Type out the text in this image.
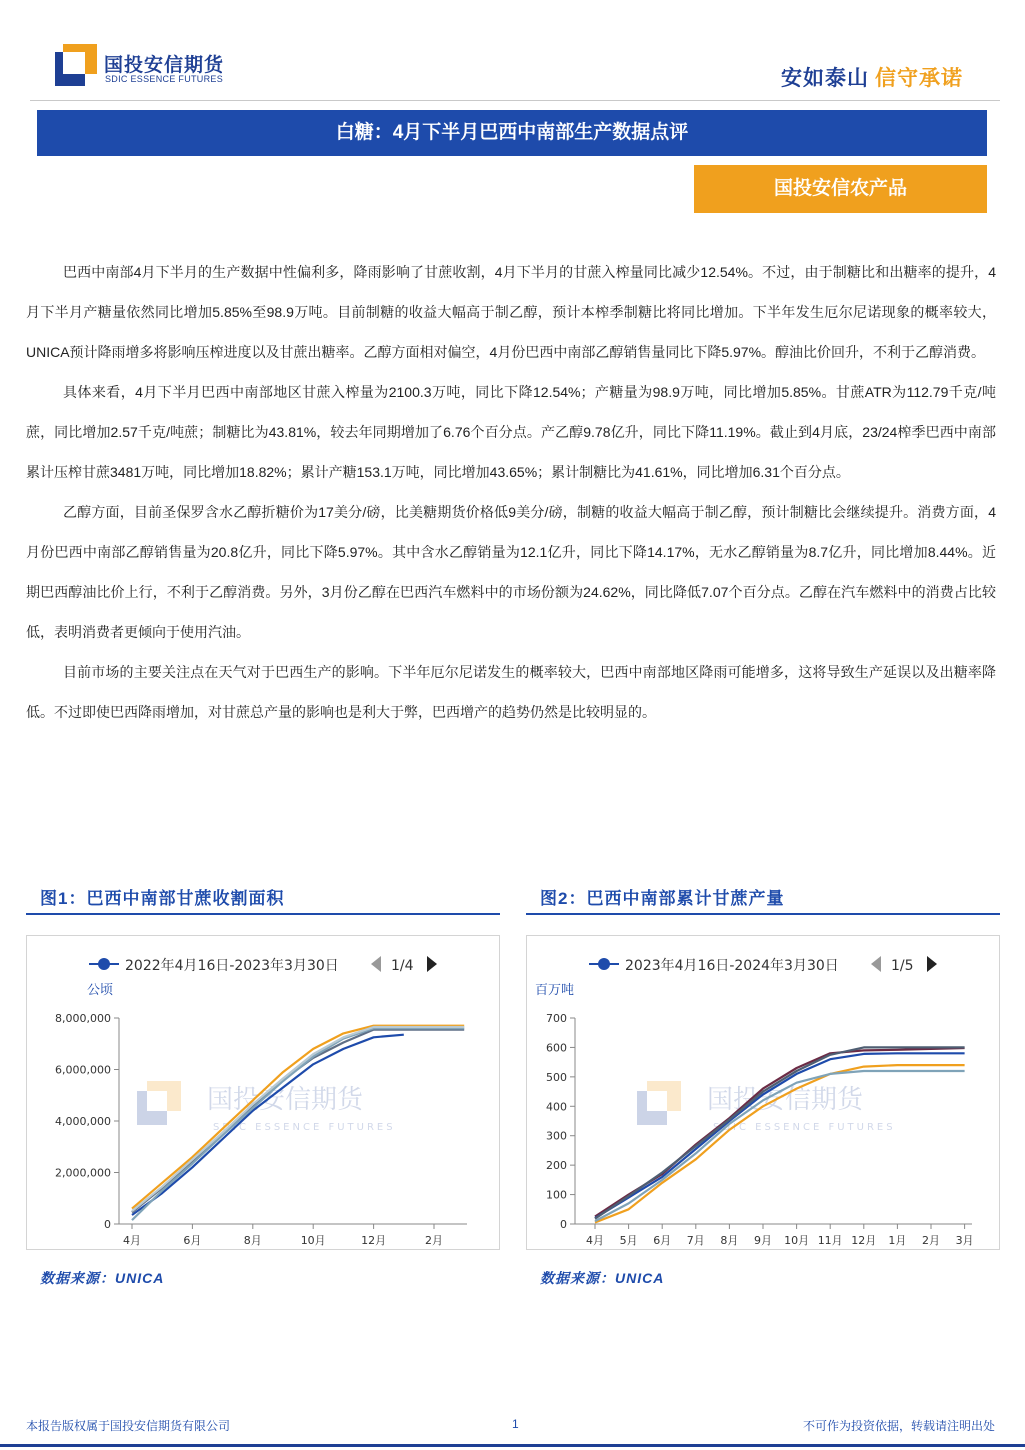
国投安信期货
SDIC ESSENCE FUTURES	安如泰山 信守承诺
白糖：4月下半月巴西中南部生产数据点评
国投安信农产品

巴西中南部4月下半月的生产数据中性偏利多，降雨影响了甘蔗收割，4月下半月的甘蔗入榨量同比减少12.54%。不过，由于制糖比和出糖率的提升，4月下半月产糖量依然同比增加5.85%至98.9万吨。目前制糖的收益大幅高于制乙醇，预计本榨季制糖比将同比增加。下半年发生厄尔尼诺现象的概率较大，UNICA预计降雨增多将影响压榨进度以及甘蔗出糖率。乙醇方面相对偏空，4月份巴西中南部乙醇销售量同比下降5.97%。醇油比价回升，不利于乙醇消费。

具体来看，4月下半月巴西中南部地区甘蔗入榨量为2100.3万吨，同比下降12.54%；产糖量为98.9万吨，同比增加5.85%。甘蔗ATR为112.79千克/吨蔗，同比增加2.57千克/吨蔗；制糖比为43.81%，较去年同期增加了6.76个百分点。产乙醇9.78亿升，同比下降11.19%。截止到4月底，23/24榨季巴西中南部累计压榨甘蔗3481万吨，同比增加18.82%；累计产糖153.1万吨，同比增加43.65%；累计制糖比为41.61%，同比增加6.31个百分点。

乙醇方面，目前圣保罗含水乙醇折糖价为17美分/磅，比美糖期货价格低9美分/磅，制糖的收益大幅高于制乙醇，预计制糖比会继续提升。消费方面，4月份巴西中南部乙醇销售量为20.8亿升，同比下降5.97%。其中含水乙醇销量为12.1亿升，同比下降14.17%，无水乙醇销量为8.7亿升，同比增加8.44%。近期巴西醇油比价上行，不利于乙醇消费。另外，3月份乙醇在巴西汽车燃料中的市场份额为24.62%，同比降低7.07个百分点。乙醇在汽车燃料中的消费占比较低，表明消费者更倾向于使用汽油。

目前市场的主要关注点在天气对于巴西生产的影响。下半年厄尔尼诺发生的概率较大，巴西中南部地区降雨可能增多，这将导致生产延误以及出糖率降低。不过即使巴西降雨增加，对甘蔗总产量的影响也是利大于弊，巴西增产的趋势仍然是比较明显的。

图1：巴西中南部甘蔗收割面积
2022年4月16日-2023年3月30日	1/4
公顷
国投安信期货
SDIC ESSENCE FUTURES
0
2,000,000
4,000,000
6,000,000
8,000,000
4月	6月	8月	10月	12月	2月
数据来源：UNICA
图2：巴西中南部累计甘蔗产量
2023年4月16日-2024年3月30日	1/5
百万吨
国投安信期货
SDIC ESSENCE FUTURES
0
100
200
300
400
500
600
700
4月 5月 6月 7月 8月 9月 10月 11月 12月 1月 2月 3月
数据来源：UNICA
本报告版权属于国投安信期货有限公司	1	不可作为投资依据，转载请注明出处
